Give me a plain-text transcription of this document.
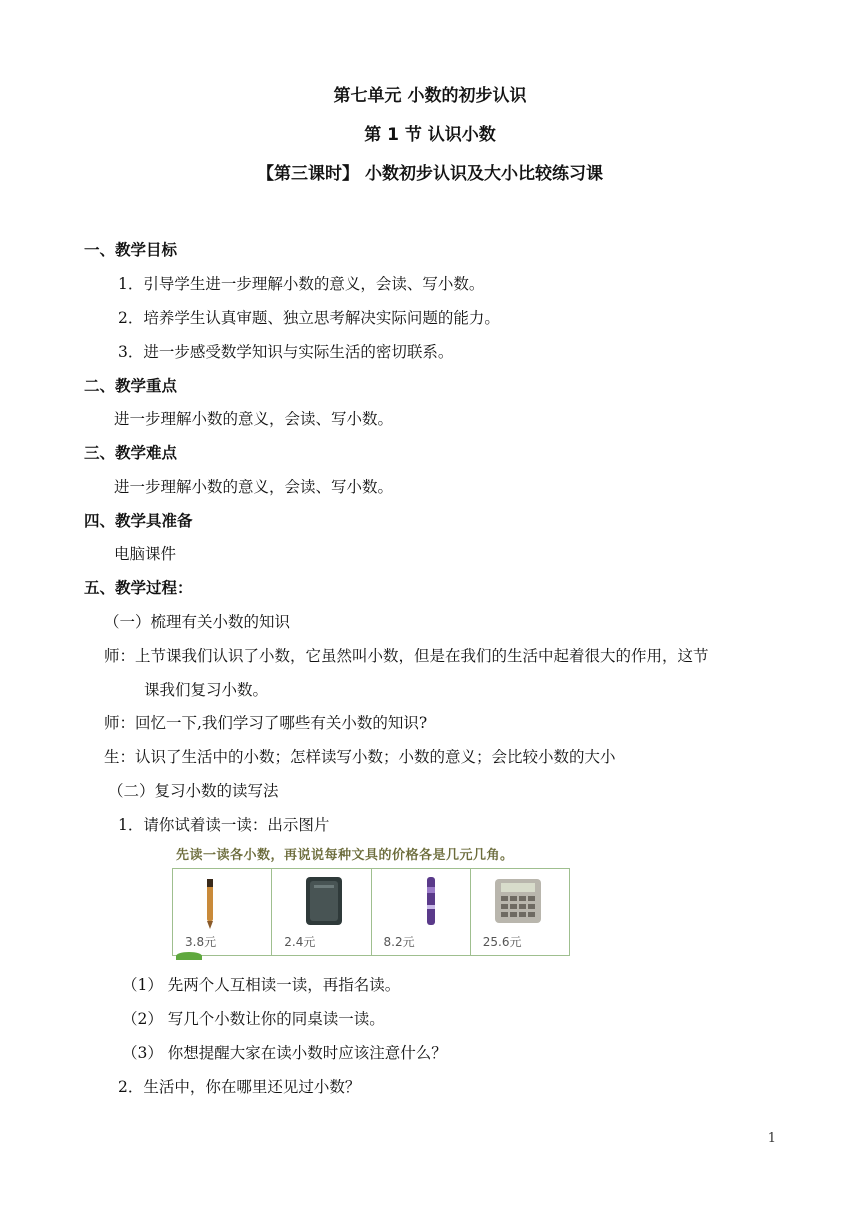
第七单元 小数的初步认识
第 1 节 认识小数
【第三课时】 小数初步认识及大小比较练习课
一、教学目标
1．引导学生进一步理解小数的意义，会读、写小数。
2．培养学生认真审题、独立思考解决实际问题的能力。
3．进一步感受数学知识与实际生活的密切联系。
二、教学重点
进一步理解小数的意义，会读、写小数。
三、教学难点
进一步理解小数的意义，会读、写小数。
四、教学具准备
电脑课件
五、教学过程：
（一）梳理有关小数的知识
师：上节课我们认识了小数，它虽然叫小数，但是在我们的生活中起着很大的作用，这节
课我们复习小数。
师：回忆一下,我们学习了哪些有关小数的知识?
生：认识了生活中的小数；怎样读写小数；小数的意义；会比较小数的大小
（二）复习小数的读写法
1．请你试着读一读：出示图片
先读一读各小数，再说说每种文具的价格各是几元几角。
3.8元	2.4元	8.2元	25.6元
（1） 先两个人互相读一读，再指名读。
（2） 写几个小数让你的同桌读一读。
（3） 你想提醒大家在读小数时应该注意什么？
2．生活中，你在哪里还见过小数？
1
